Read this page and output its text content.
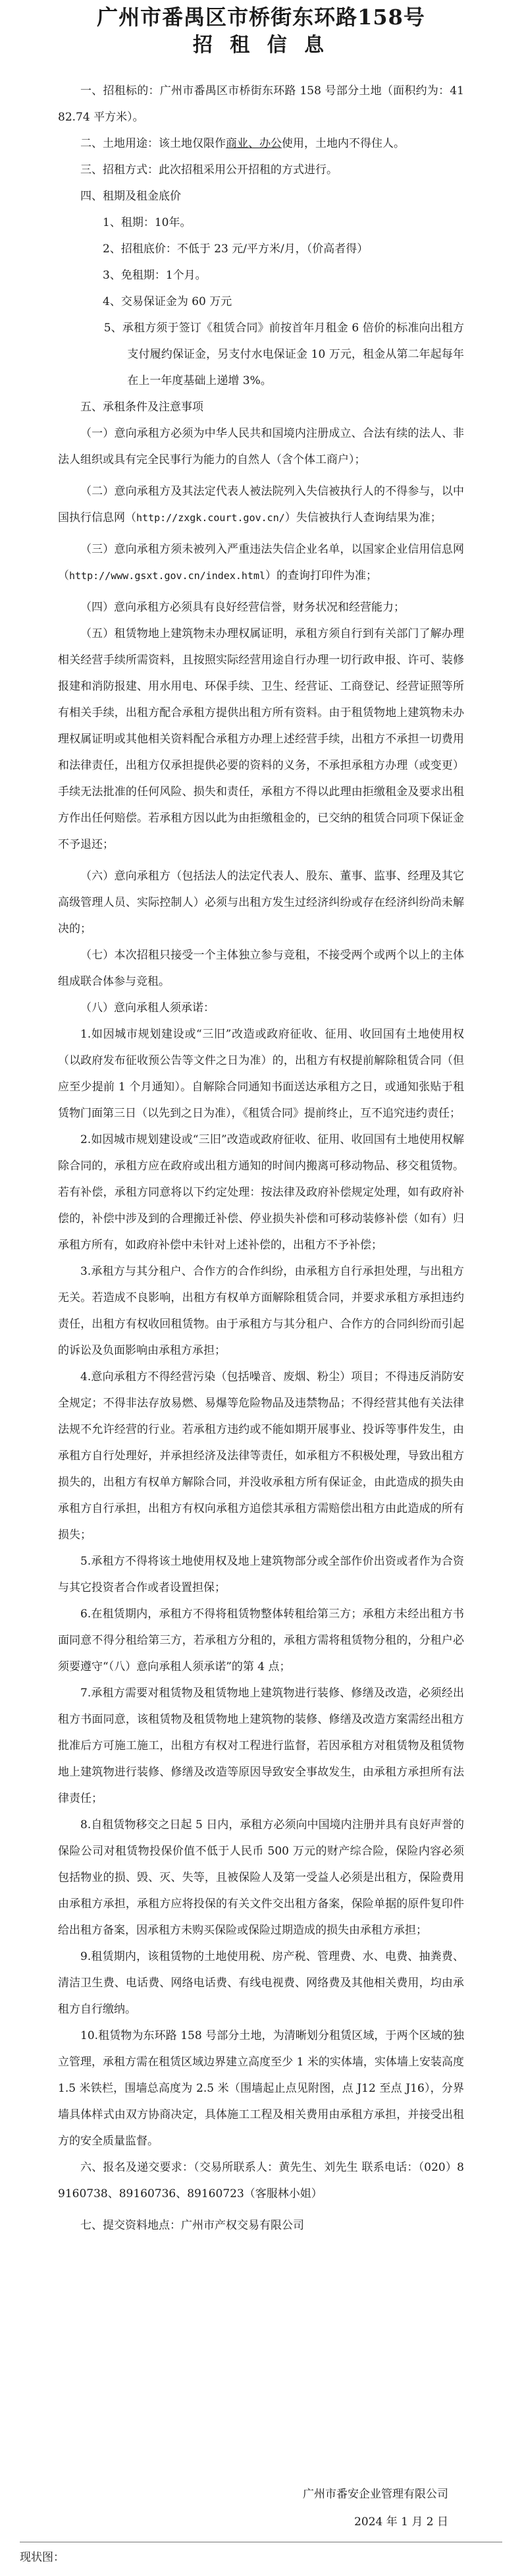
广州市番禺区市桥街东环路158号
招 租 信 息

一、招租标的：广州市番禺区市桥街东环路 158 号部分土地（面积约为：4182.74 平方米）。

二、土地用途：该土地仅限作商业、办公使用，土地内不得住人。

三、招租方式：此次招租采用公开招租的方式进行。

四、租期及租金底价

1、租期：10年。

2、招租底价：不低于 23 元/平方米/月，（价高者得）

3、免租期：1个月。

4、交易保证金为 60 万元

5、承租方须于签订《租赁合同》前按首年月租金 6 倍价的标准向出租方支付履约保证金，另支付水电保证金 10 万元，租金从第二年起每年在上一年度基础上递增 3%。

五、承租条件及注意事项

（一）意向承租方必须为中华人民共和国境内注册成立、合法有续的法人、非法人组织或具有完全民事行为能力的自然人（含个体工商户）；

（二）意向承租方及其法定代表人被法院列入失信被执行人的不得参与，以中国执行信息网（http://zxgk.court.gov.cn/）失信被执行人查询结果为准；

（三）意向承租方须未被列入严重违法失信企业名单，以国家企业信用信息网（http://www.gsxt.gov.cn/index.html）的查询打印件为准；

（四）意向承租方必须具有良好经营信誉，财务状况和经营能力；

（五）租赁物地上建筑物未办理权属证明，承租方须自行到有关部门了解办理相关经营手续所需资料，且按照实际经营用途自行办理一切行政申报、许可、装修报建和消防报建、用水用电、环保手续、卫生、经营证、工商登记、经营证照等所有相关手续，出租方配合承租方提供出租方所有资料。由于租赁物地上建筑物未办理权属证明或其他相关资料配合承租方办理上述经营手续，出租方不承担一切费用和法律责任，出租方仅承担提供必要的资料的义务，不承担承租方办理（或变更）手续无法批准的任何风险、损失和责任，承租方不得以此理由拒缴租金及要求出租方作出任何赔偿。若承租方因以此为由拒缴租金的，已交纳的租赁合同项下保证金不予退还；

（六）意向承租方（包括法人的法定代表人、股东、董事、监事、经理及其它高级管理人员、实际控制人）必须与出租方发生过经济纠纷或存在经济纠纷尚未解决的；

（七）本次招租只接受一个主体独立参与竞租，不接受两个或两个以上的主体组成联合体参与竞租。

（八）意向承租人须承诺：

1.如因城市规划建设或“三旧”改造或政府征收、征用、收回国有土地使用权（以政府发布征收预公告等文件之日为准）的，出租方有权提前解除租赁合同（但应至少提前 1 个月通知）。自解除合同通知书面送达承租方之日，或通知张贴于租赁物门面第三日（以先到之日为准），《租赁合同》提前终止，互不追究违约责任；

2.如因城市规划建设或“三旧”改造或政府征收、征用、收回国有土地使用权解除合同的，承租方应在政府或出租方通知的时间内搬离可移动物品、移交租赁物。若有补偿，承租方同意将以下约定处理：按法律及政府补偿规定处理，如有政府补偿的，补偿中涉及到的合理搬迁补偿、停业损失补偿和可移动装修补偿（如有）归承租方所有，如政府补偿中未针对上述补偿的，出租方不予补偿；

3.承租方与其分租户、合作方的合作纠纷，由承租方自行承担处理，与出租方无关。若造成不良影响，出租方有权单方面解除租赁合同，并要求承租方承担违约责任，出租方有权收回租赁物。由于承租方与其分租户、合作方的合同纠纷而引起的诉讼及负面影响由承租方承担；

4.意向承租方不得经营污染（包括噪音、废烟、粉尘）项目；不得违反消防安全规定；不得非法存放易燃、易爆等危险物品及违禁物品；不得经营其他有关法律法规不允许经营的行业。若承租方违约或不能如期开展事业、投诉等事件发生，由承租方自行处理好，并承担经济及法律等责任，如承租方不积极处理，导致出租方损失的，出租方有权单方解除合同，并没收承租方所有保证金，由此造成的损失由承租方自行承担，出租方有权向承租方追偿其承租方需赔偿出租方由此造成的所有损失；

5.承租方不得将该土地使用权及地上建筑物部分或全部作价出资或者作为合资与其它投资者合作或者设置担保；

6.在租赁期内，承租方不得将租赁物整体转租给第三方；承租方未经出租方书面同意不得分租给第三方，若承租方分租的，承租方需将租赁物分租的，分租户必须要遵守“（八）意向承租人须承诺”的第 4 点；

7.承租方需要对租赁物及租赁物地上建筑物进行装修、修缮及改造，必须经出租方书面同意，该租赁物及租赁物地上建筑物的装修、修缮及改造方案需经出租方批准后方可施工施工，出租方有权对工程进行监督，若因承租方对租赁物及租赁物地上建筑物进行装修、修缮及改造等原因导致安全事故发生，由承租方承担所有法律责任；

8.自租赁物移交之日起 5 日内，承租方必须向中国境内注册并具有良好声誉的保险公司对租赁物投保价值不低于人民币 500 万元的财产综合险，保险内容必须包括物业的损、毁、灭、失等，且被保险人及第一受益人必须是出租方，保险费用由承租方承担，承租方应将投保的有关文件交出租方备案，保险单据的原件复印件给出租方备案，因承租方未购买保险或保险过期造成的损失由承租方承担；

9.租赁期内，该租赁物的土地使用税、房产税、管理费、水、电费、抽粪费、清洁卫生费、电话费、网络电话费、有线电视费、网络费及其他相关费用，均由承租方自行缴纳。

10.租赁物为东环路 158 号部分土地，为清晰划分租赁区域，于两个区域的独立管理，承租方需在租赁区域边界建立高度至少 1 米的实体墙，实体墙上安装高度 1.5 米铁栏，围墙总高度为 2.5 米（围墙起止点见附图，点 J12 至点 J16），分界墙具体样式由双方协商决定，具体施工工程及相关费用由承租方承担，并接受出租方的安全质量监督。

六、报名及递交要求：（交易所联系人：黄先生、刘先生 联系电话：（020）89160738、89160736、89160723（客服林小姐）

七、提交资料地点：广州市产权交易有限公司

广州市番安企业管理有限公司
2024 年 1 月 2 日
现状图：
